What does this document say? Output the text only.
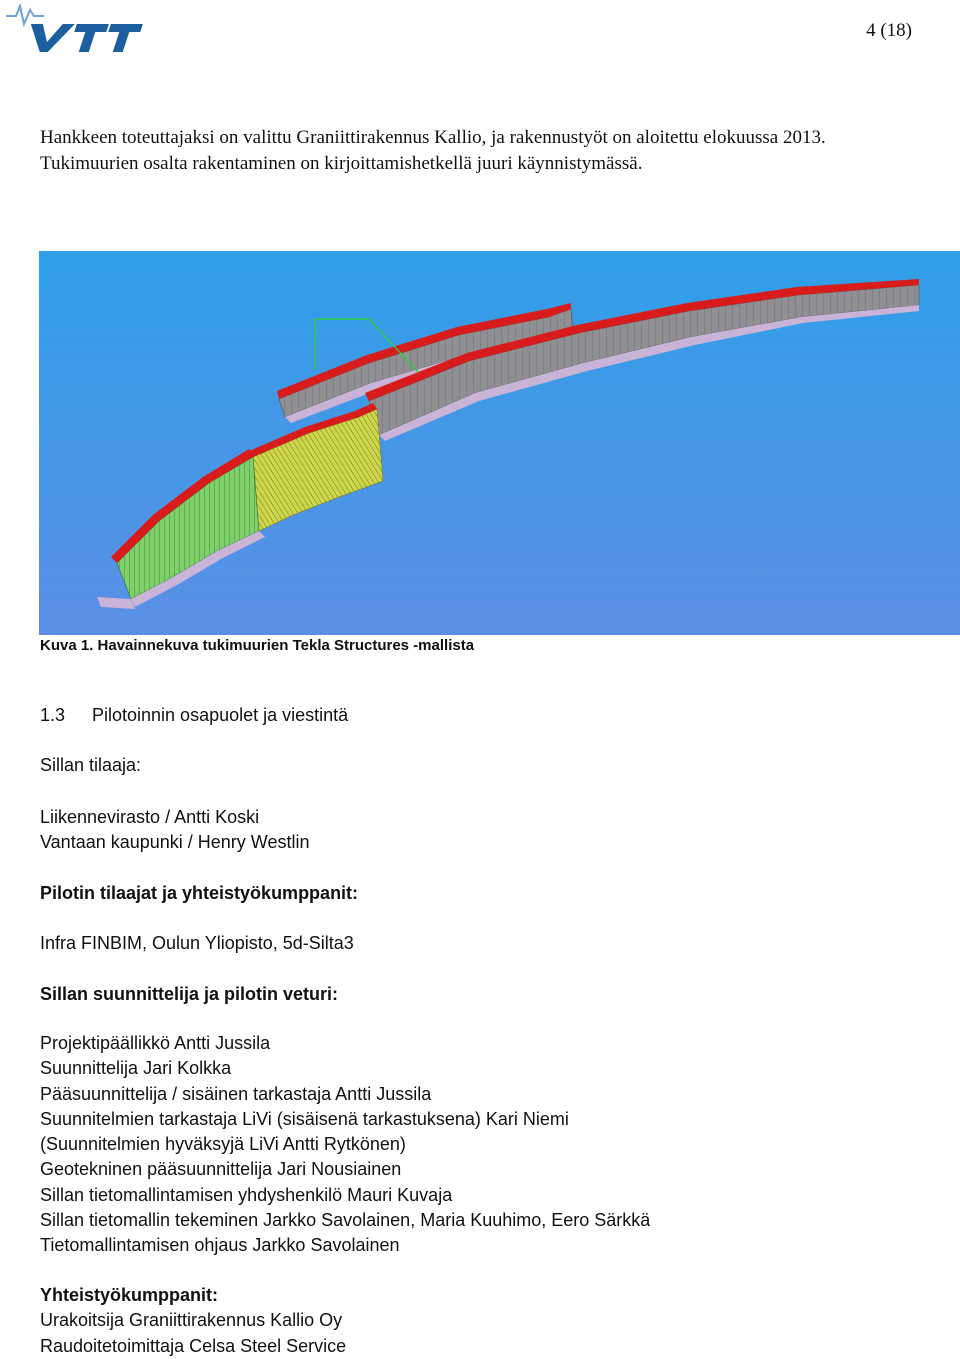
4 (18)

Hankkeen toteuttajaksi on valittu Graniittirakennus Kallio, ja rakennustyöt on aloitettu elokuussa 2013.

Tukimuurien osalta rakentaminen on kirjoittamishetkellä juuri käynnistymässä.

Kuva 1. Havainnekuva tukimuurien Tekla Structures -mallista
1.3 Pilotoinnin osapuolet ja viestintä
Sillan tilaaja:
Liikennevirasto / Antti Koski
Vantaan kaupunki / Henry Westlin
Pilotin tilaajat ja yhteistyökumppanit:
Infra FINBIM, Oulun Yliopisto, 5d-Silta3
Sillan suunnittelija ja pilotin veturi:
Projektipäällikkö Antti Jussila
Suunnittelija Jari Kolkka
Pääsuunnittelija / sisäinen tarkastaja Antti Jussila
Suunnitelmien tarkastaja LiVi (sisäisenä tarkastuksena) Kari Niemi
(Suunnitelmien hyväksyjä LiVi Antti Rytkönen)
Geotekninen pääsuunnittelija Jari Nousiainen
Sillan tietomallintamisen yhdyshenkilö Mauri Kuvaja
Sillan tietomallin tekeminen Jarkko Savolainen, Maria Kuuhimo, Eero Särkkä
Tietomallintamisen ohjaus Jarkko Savolainen
Yhteistyökumppanit:
Urakoitsija Graniittirakennus Kallio Oy
Raudoitetoimittaja Celsa Steel Service
